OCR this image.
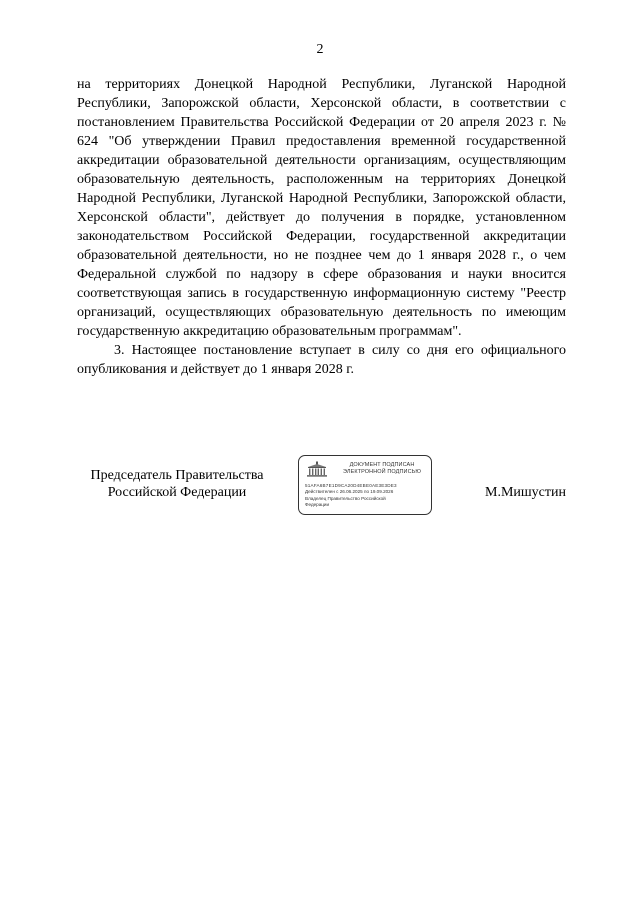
2

на территориях Донецкой Народной Республики, Луганской Народной Республики, Запорожской области, Херсонской области, в соответствии с постановлением Правительства Российской Федерации от 20 апреля 2023 г. № 624 "Об утверждении Правил предоставления временной государственной аккредитации образовательной деятельности организациям, осуществляющим образовательную деятельность, расположенным на территориях Донецкой Народной Республики, Луганской Народной Республики, Запорожской области, Херсонской области", действует до получения в порядке, установленном законодательством Российской Федерации, государственной аккредитации образовательной деятельности, но не позднее чем до 1 января 2028 г., о чем Федеральной службой по надзору в сфере образования и науки вносится соответствующая запись в государственную информационную систему "Реестр организаций, осуществляющих образовательную деятельность по имеющим государственную аккредитацию образовательным программам".

3. Настоящее постановление вступает в силу со дня его официального опубликования и действует до 1 января 2028 г.

Председатель Правительства
Российской Федерации
ДОКУМЕНТ ПОДПИСАН
ЭЛЕКТРОННОЙ ПОДПИСЬЮ
51AFA6B7E1D9CA20D4EBE0AE3E3DE3
Действителен с 26.06.2025 по 19.09.2026
Владелец Правительство Российской
Федерации
М.Мишустин
